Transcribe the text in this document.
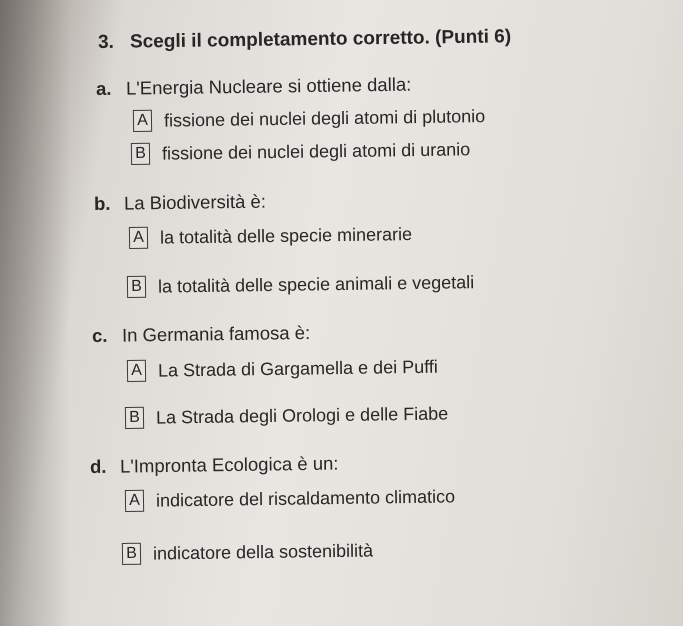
3. Scegli il completamento corretto. (Punti 6)
a. L'Energia Nucleare si ottiene dalla:
A fissione dei nuclei degli atomi di plutonio
B fissione dei nuclei degli atomi di uranio
b. La Biodiversità è:
A la totalità delle specie minerarie
B la totalità delle specie animali e vegetali
c. In Germania famosa è:
A La Strada di Gargamella e dei Puffi
B La Strada degli Orologi e delle Fiabe
d. L'Impronta Ecologica è un:
A indicatore del riscaldamento climatico
B indicatore della sostenibilità
